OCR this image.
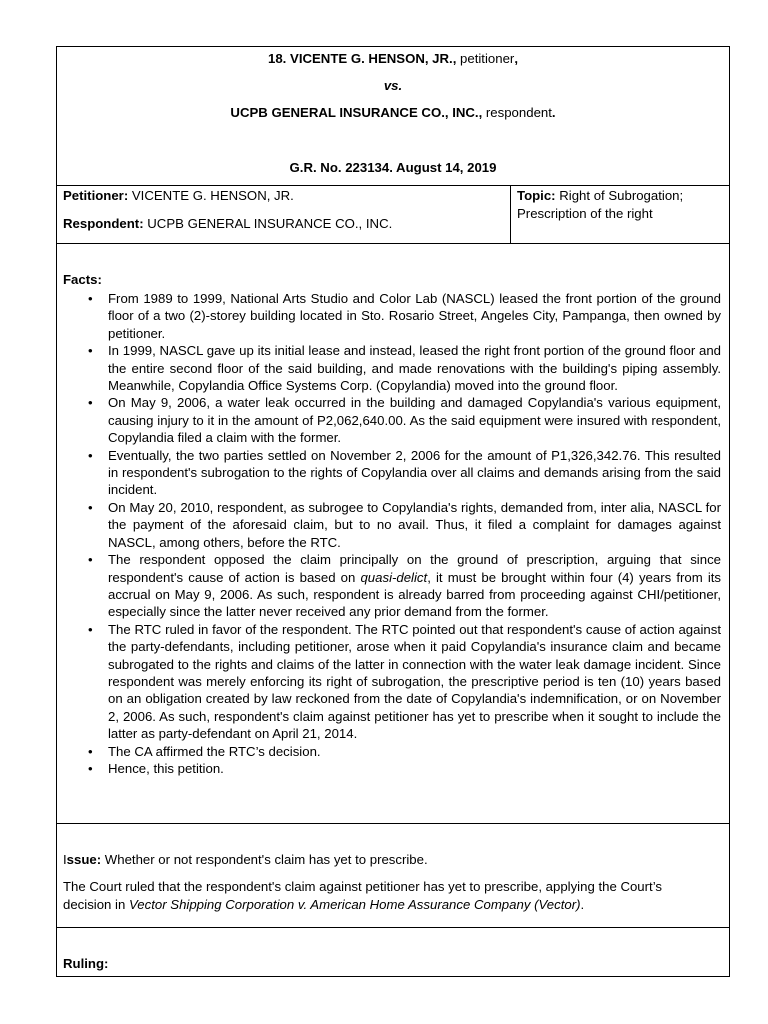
18. VICENTE G. HENSON, JR., petitioner,
vs.
UCPB GENERAL INSURANCE CO., INC., respondent.
G.R. No. 223134. August 14, 2019
Petitioner: VICENTE G. HENSON, JR.
Respondent: UCPB GENERAL INSURANCE CO., INC.
Topic: Right of Subrogation;
Prescription of the right
Facts:
• From 1989 to 1999, National Arts Studio and Color Lab (NASCL) leased the front portion of the ground floor of a two (2)-storey building located in Sto. Rosario Street, Angeles City, Pampanga, then owned by petitioner.
• In 1999, NASCL gave up its initial lease and instead, leased the right front portion of the ground floor and the entire second floor of the said building, and made renovations with the building's piping assembly. Meanwhile, Copylandia Office Systems Corp. (Copylandia) moved into the ground floor.
• On May 9, 2006, a water leak occurred in the building and damaged Copylandia's various equipment, causing injury to it in the amount of P2,062,640.00. As the said equipment were insured with respondent, Copylandia filed a claim with the former.
• Eventually, the two parties settled on November 2, 2006 for the amount of P1,326,342.76. This resulted in respondent's subrogation to the rights of Copylandia over all claims and demands arising from the said incident.
• On May 20, 2010, respondent, as subrogee to Copylandia's rights, demanded from, inter alia, NASCL for the payment of the aforesaid claim, but to no avail. Thus, it filed a complaint for damages against NASCL, among others, before the RTC.
• The respondent opposed the claim principally on the ground of prescription, arguing that since respondent's cause of action is based on quasi-delict, it must be brought within four (4) years from its accrual on May 9, 2006. As such, respondent is already barred from proceeding against CHI/petitioner, especially since the latter never received any prior demand from the former.
• The RTC ruled in favor of the respondent. The RTC pointed out that respondent's cause of action against the party-defendants, including petitioner, arose when it paid Copylandia's insurance claim and became subrogated to the rights and claims of the latter in connection with the water leak damage incident. Since respondent was merely enforcing its right of subrogation, the prescriptive period is ten (10) years based on an obligation created by law reckoned from the date of Copylandia's indemnification, or on November 2, 2006. As such, respondent's claim against petitioner has yet to prescribe when it sought to include the latter as party-defendant on April 21, 2014.
• The CA affirmed the RTC’s decision.
• Hence, this petition.
Issue: Whether or not respondent's claim has yet to prescribe.
The Court ruled that the respondent's claim against petitioner has yet to prescribe, applying the Court’s
decision in Vector Shipping Corporation v. American Home Assurance Company (Vector).
Ruling:
